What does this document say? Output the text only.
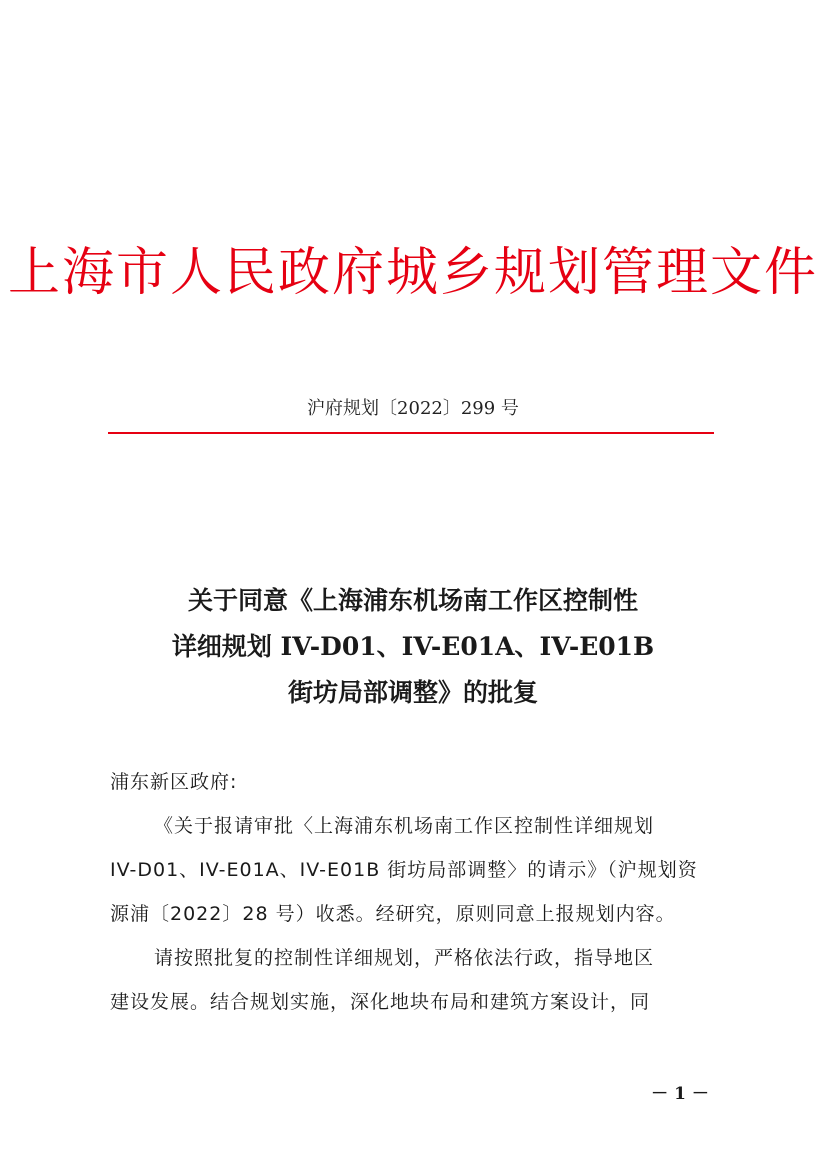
上海市人民政府城乡规划管理文件
沪府规划〔2022〕299 号
关于同意《上海浦东机场南工作区控制性
详细规划 IV-D01、IV-E01A、IV-E01B
街坊局部调整》的批复
浦东新区政府:
《关于报请审批〈上海浦东机场南工作区控制性详细规划
IV-D01、IV-E01A、IV-E01B 街坊局部调整〉的请示》（沪规划资
源浦〔2022〕28 号）收悉。经研究，原则同意上报规划内容。
请按照批复的控制性详细规划，严格依法行政，指导地区
建设发展。结合规划实施，深化地块布局和建筑方案设计，同
－ 1 －
